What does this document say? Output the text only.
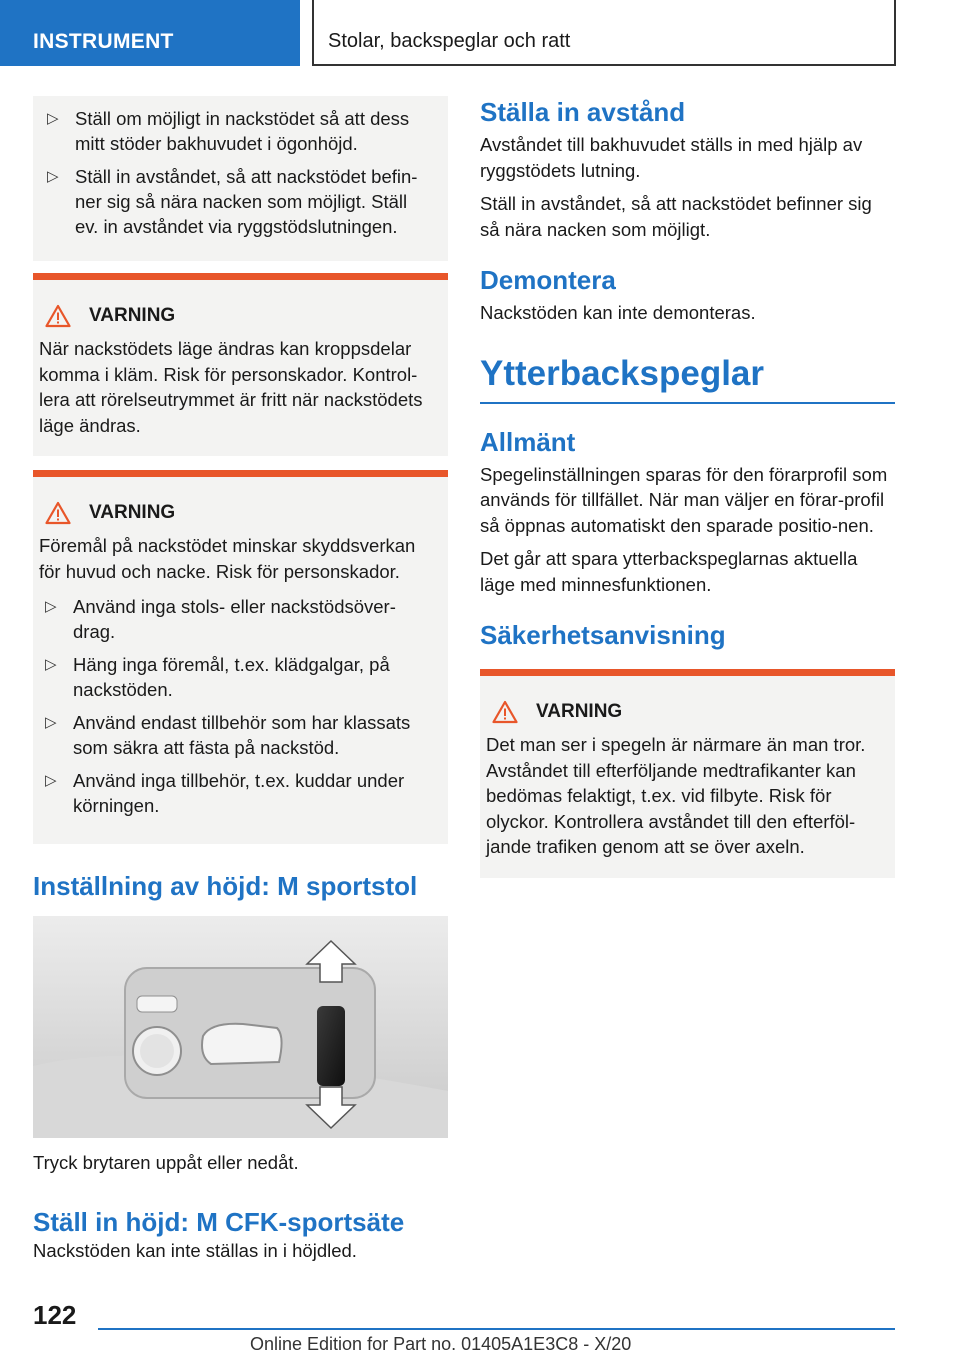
INSTRUMENT	Stolar, backspeglar och ratt
▷ Ställ om möjligt in nackstödet så att dess mitt stöder bakhuvudet i ögonhöjd.
▷ Ställ in avståndet, så att nackstödet befin-ner sig så nära nacken som möjligt. Ställ ev. in avståndet via ryggstödslutningen.
VARNING
När nackstödets läge ändras kan kroppsdelar komma i kläm. Risk för personskador. Kontrol-lera att rörelseutrymmet är fritt när nackstödets läge ändras.
VARNING
Föremål på nackstödet minskar skyddsverkan för huvud och nacke. Risk för personskador.
▷ Använd inga stols- eller nackstödsöver-drag.
▷ Häng inga föremål, t.ex. klädgalgar, på nackstöden.
▷ Använd endast tillbehör som har klassats som säkra att fästa på nackstöd.
▷ Använd inga tillbehör, t.ex. kuddar under körningen.
Inställning av höjd: M sportstol
Tryck brytaren uppåt eller nedåt.
Ställ in höjd: M CFK-sportsäte
Nackstöden kan inte ställas in i höjdled.
Ställa in avstånd
Avståndet till bakhuvudet ställs in med hjälp av ryggstödets lutning.
Ställ in avståndet, så att nackstödet befinner sig så nära nacken som möjligt.
Demontera
Nackstöden kan inte demonteras.
Ytterbackspeglar
Allmänt
Spegelinställningen sparas för den förarprofil som används för tillfället. När man väljer en förar-profil så öppnas automatiskt den sparade positio-nen.
Det går att spara ytterbackspeglarnas aktuella läge med minnesfunktionen.
Säkerhetsanvisning
VARNING
Det man ser i spegeln är närmare än man tror. Avståndet till efterföljande medtrafikanter kan bedömas felaktigt, t.ex. vid filbyte. Risk för olyckor. Kontrollera avståndet till den efterföl-jande trafiken genom att se över axeln.
122
Online Edition for Part no. 01405A1E3C8 - X/20
